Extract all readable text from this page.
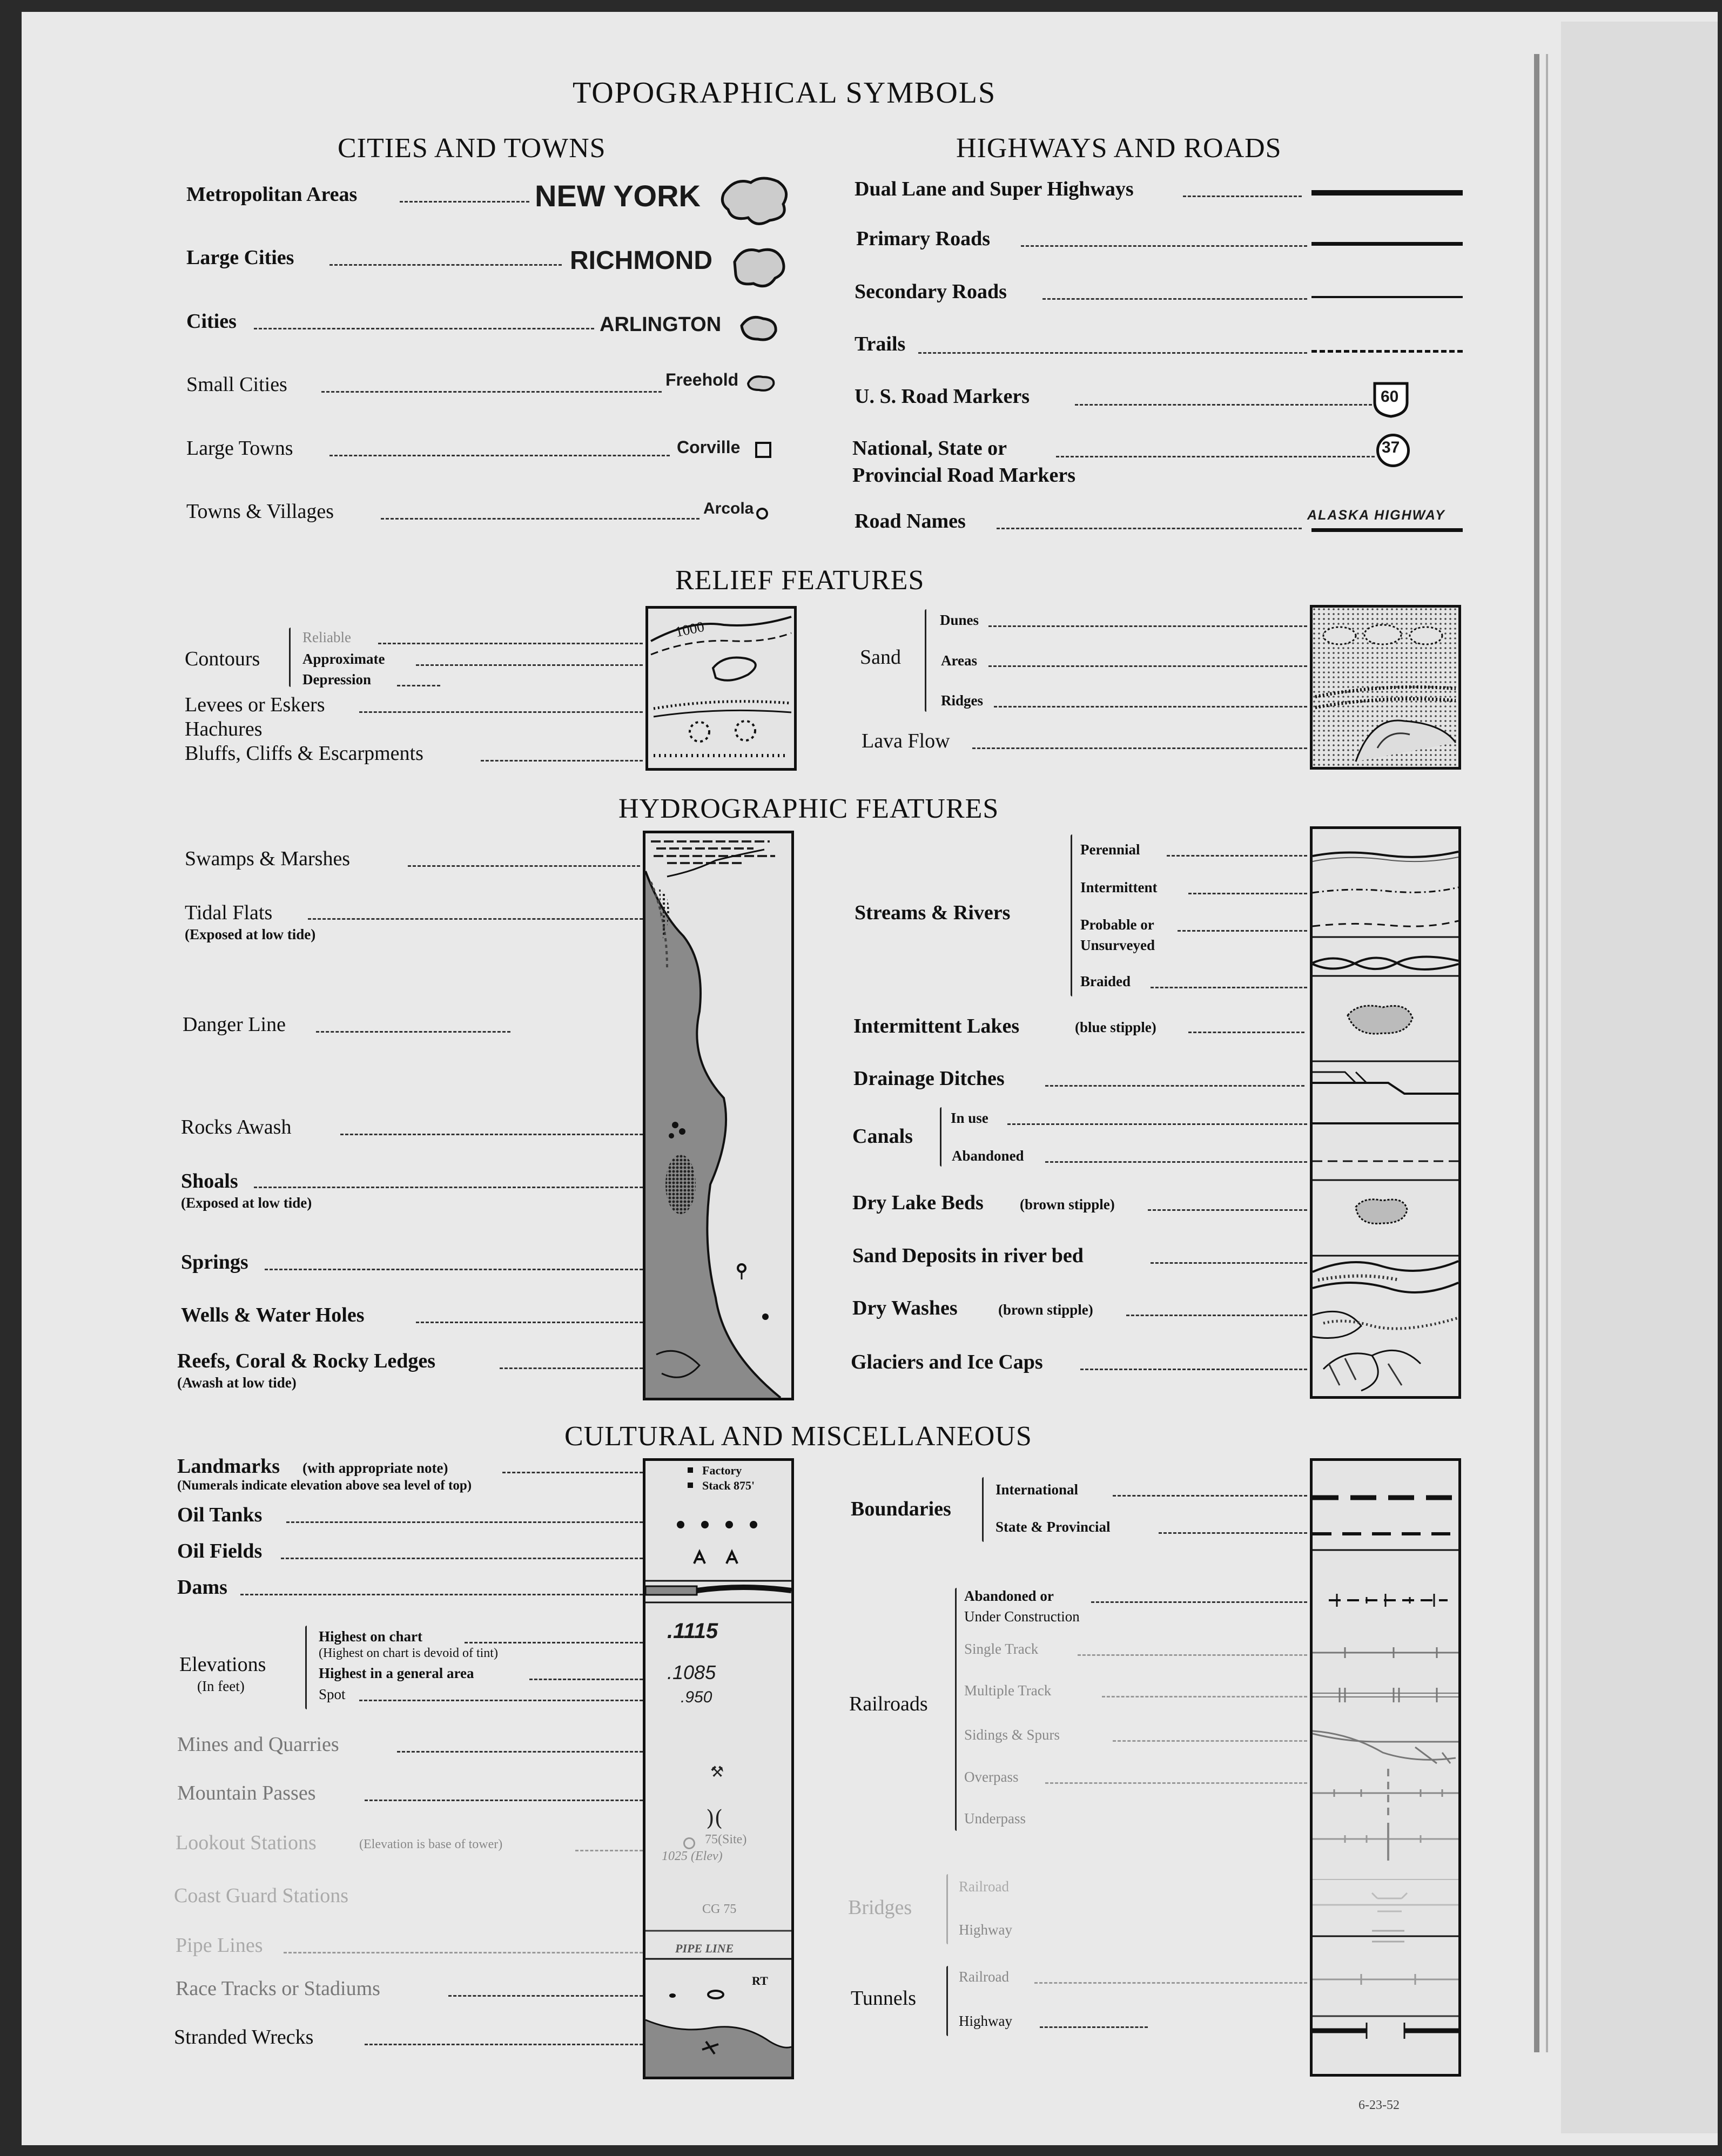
TOPOGRAPHICAL SYMBOLS
CITIES AND TOWNS
Metropolitan Areas	NEW YORK
Large Cities	RICHMOND
Cities	ARLINGTON
Small Cities	Freehold
Large Towns	Corville
Towns & Villages	Arcola
HIGHWAYS AND ROADS
Dual Lane and Super Highways
Primary Roads
Secondary Roads
Trails
U. S. Road Markers	60
National, State or
Provincial Road Markers
37
Road Names	ALASKA HIGHWAY
RELIEF FEATURES
Contours
Reliable
Approximate
Depression
Levees or Eskers
Hachures
Bluffs, Cliffs & Escarpments
1000
Sand
Dunes
Areas
Ridges
Lava Flow
HYDROGRAPHIC FEATURES
Swamps & Marshes
Tidal Flats
(Exposed at low tide)
Danger Line
Rocks Awash
Shoals
(Exposed at low tide)
Springs
Wells & Water Holes
Reefs, Coral & Rocky Ledges
(Awash at low tide)
Streams & Rivers
Perennial
Intermittent
Probable or
Unsurveyed
Braided
Intermittent Lakes	(blue stipple)
Drainage Ditches
Canals
In use
Abandoned
Dry Lake Beds (brown stipple)
Sand Deposits in river bed
Dry Washes	(brown stipple)
Glaciers and Ice Caps
CULTURAL AND MISCELLANEOUS
Landmarks (with appropriate note)
(Numerals indicate elevation above sea level of top)
Oil Tanks
Oil Fields
Dams
Elevations
(In feet)
Highest on chart
(Highest on chart is devoid of tint)
Highest in a general area
Spot
Mines and Quarries
Mountain Passes
Lookout Stations	(Elevation is base of tower)
Coast Guard Stations
Pipe Lines
Race Tracks or Stadiums
Stranded Wrecks
⚒
)(
Factory
Stack 875'
.1115
.1085
.950
75(Site)
1025 (Elev)
CG 75
PIPE LINE
RT
Boundaries
International
State & Provincial
Railroads
Abandoned or
Under Construction
Single Track
Multiple Track
Sidings & Spurs
Overpass
Underpass
Bridges
Railroad
Highway
Tunnels
Railroad
Highway
6-23-52
